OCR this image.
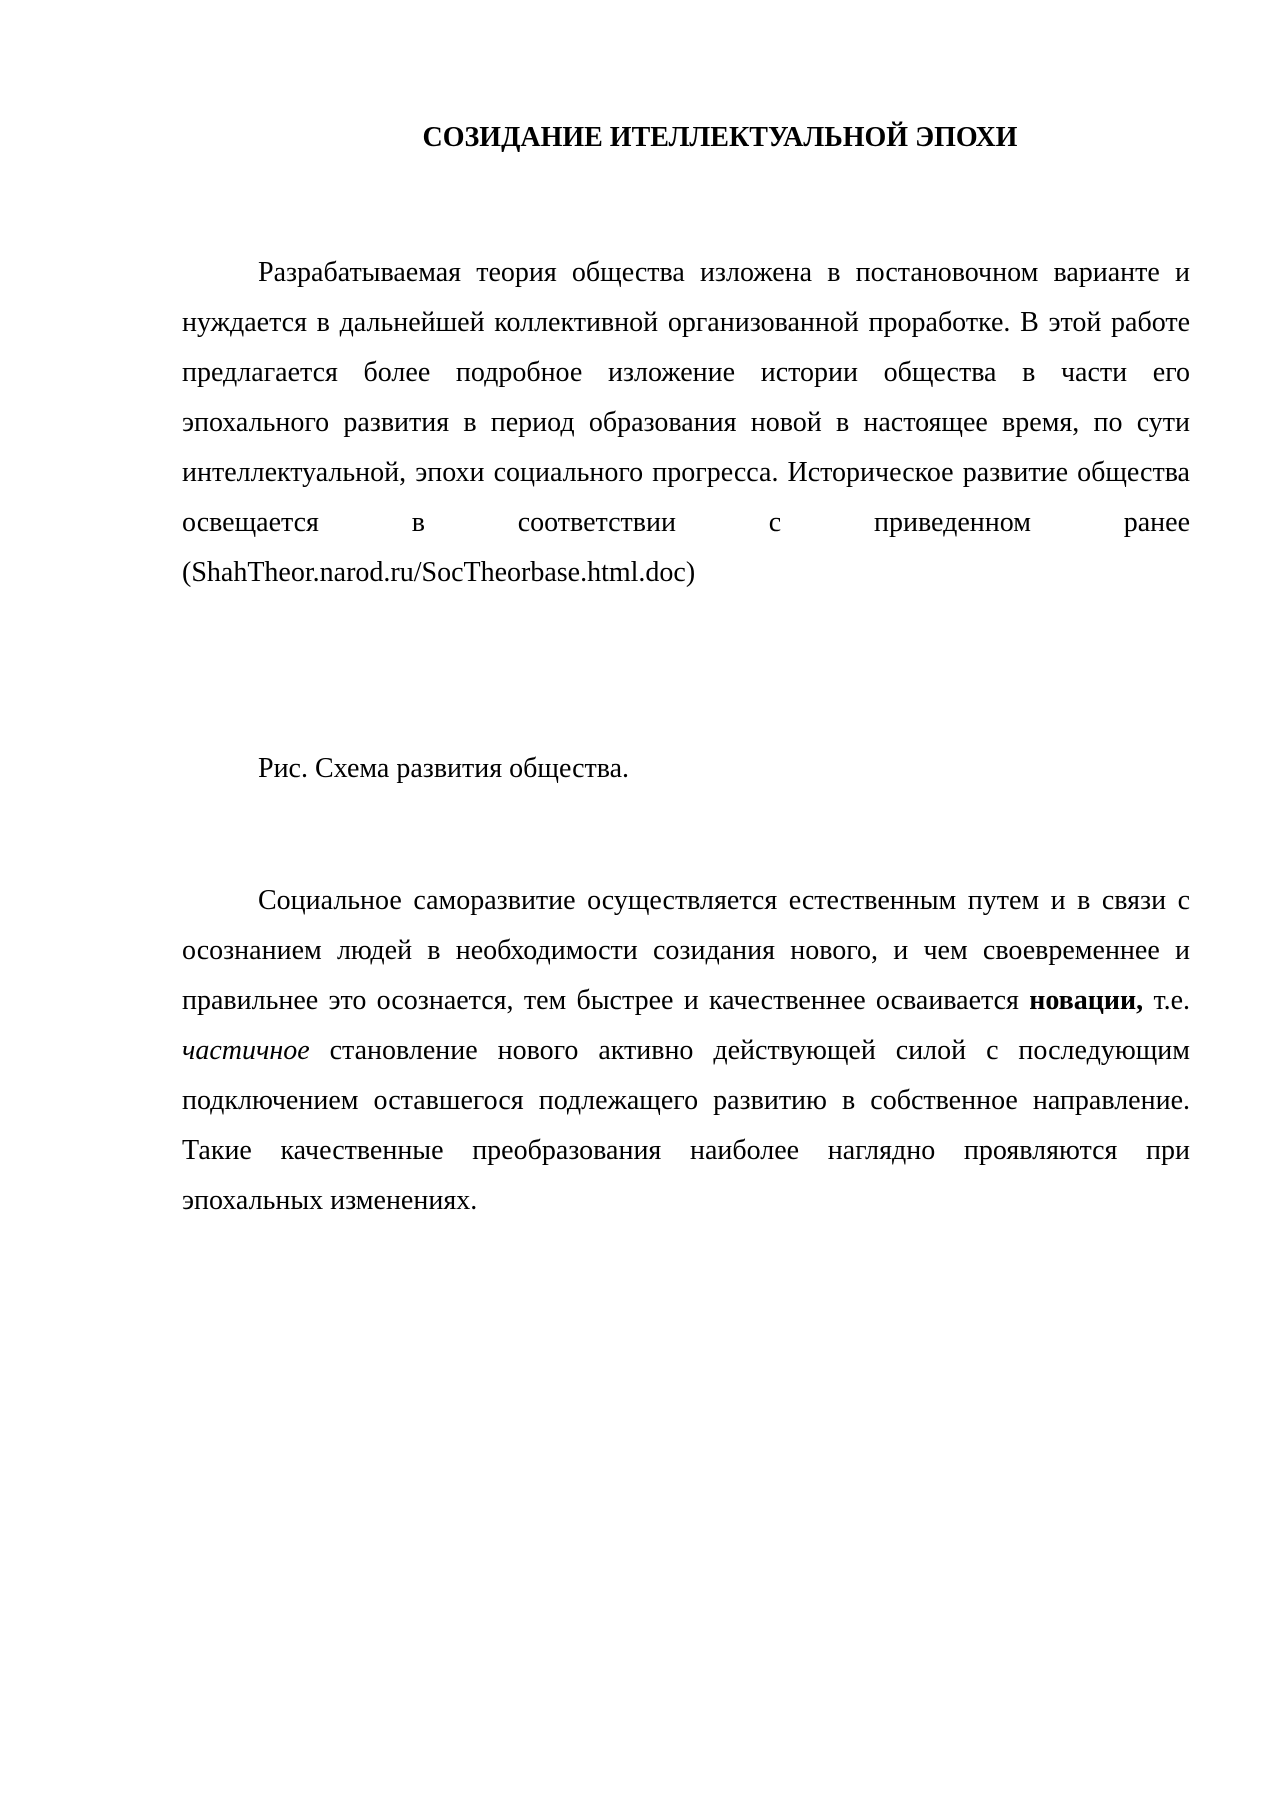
СОЗИДАНИЕ ИТЕЛЛЕКТУАЛЬНОЙ ЭПОХИ

Разрабатываемая теория общества изложена в постановочном варианте и нуждается в дальнейшей коллективной организованной проработке. В этой работе предлагается более подробное изложение истории общества в части его эпохального развития в период образования новой в настоящее время, по сути интеллектуальной, эпохи социального прогресса. Историческое развитие общества освещается в соответствии с приведенном ранее (ShahTheor.narod.ru/SocTheorbase.html.doc)

Рис. Схема развития общества.

Социальное саморазвитие осуществляется естественным путем и в связи с осознанием людей в необходимости созидания нового, и чем своевременнее и правильнее это осознается, тем быстрее и качественнее осваивается новации, т.е. частичное становление нового активно действующей силой с последующим подключением оставшегося подлежащего развитию в собственное направление. Такие качественные преобразования наиболее наглядно проявляются при эпохальных изменениях.
